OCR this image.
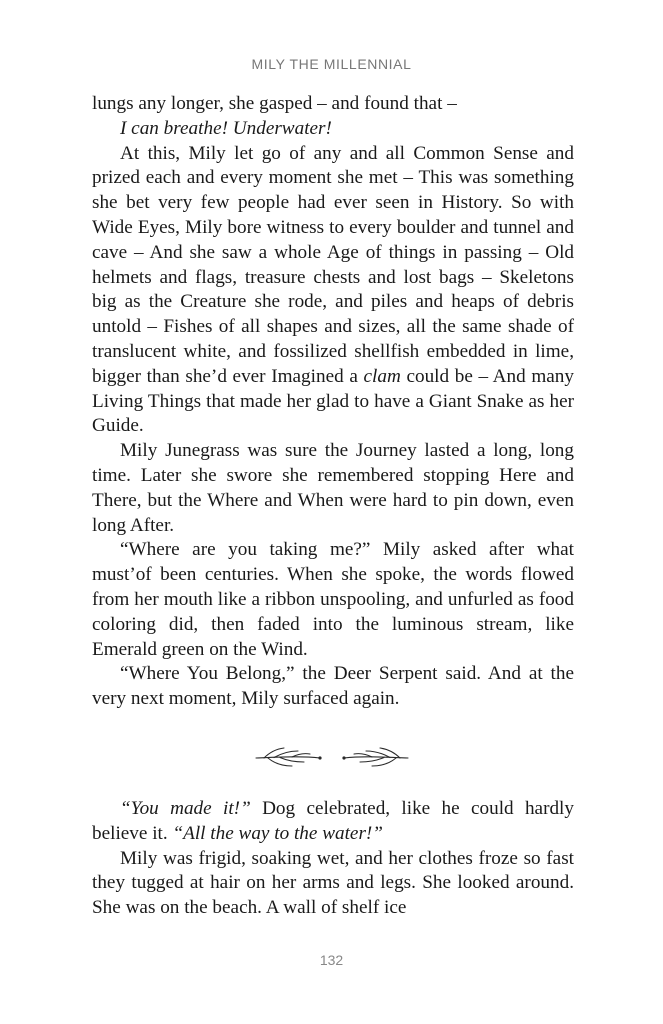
MILY THE MILLENNIAL

lungs any longer, she gasped – and found that –

I can breathe! Underwater!

At this, Mily let go of any and all Common Sense and prized each and every moment she met – This was something she bet very few people had ever seen in History. So with Wide Eyes, Mily bore witness to every boulder and tunnel and cave – And she saw a whole Age of things in passing – Old helmets and flags, treasure chests and lost bags – Skeletons big as the Creature she rode, and piles and heaps of debris untold – Fishes of all shapes and sizes, all the same shade of translucent white, and fossilized shellfish embedded in lime, bigger than she’d ever Imagined a clam could be – And many Living Things that made her glad to have a Giant Snake as her Guide.

Mily Junegrass was sure the Journey lasted a long, long time. Later she swore she remembered stopping Here and There, but the Where and When were hard to pin down, even long After.

“Where are you taking me?” Mily asked after what must’of been centuries. When she spoke, the words flowed from her mouth like a ribbon unspooling, and unfurled as food coloring did, then faded into the luminous stream, like Emerald green on the Wind.

“Where You Belong,” the Deer Serpent said. And at the very next moment, Mily surfaced again.

“You made it!” Dog celebrated, like he could hardly believe it. “All the way to the water!”

Mily was frigid, soaking wet, and her clothes froze so fast they tugged at hair on her arms and legs. She looked around. She was on the beach. A wall of shelf ice

132
